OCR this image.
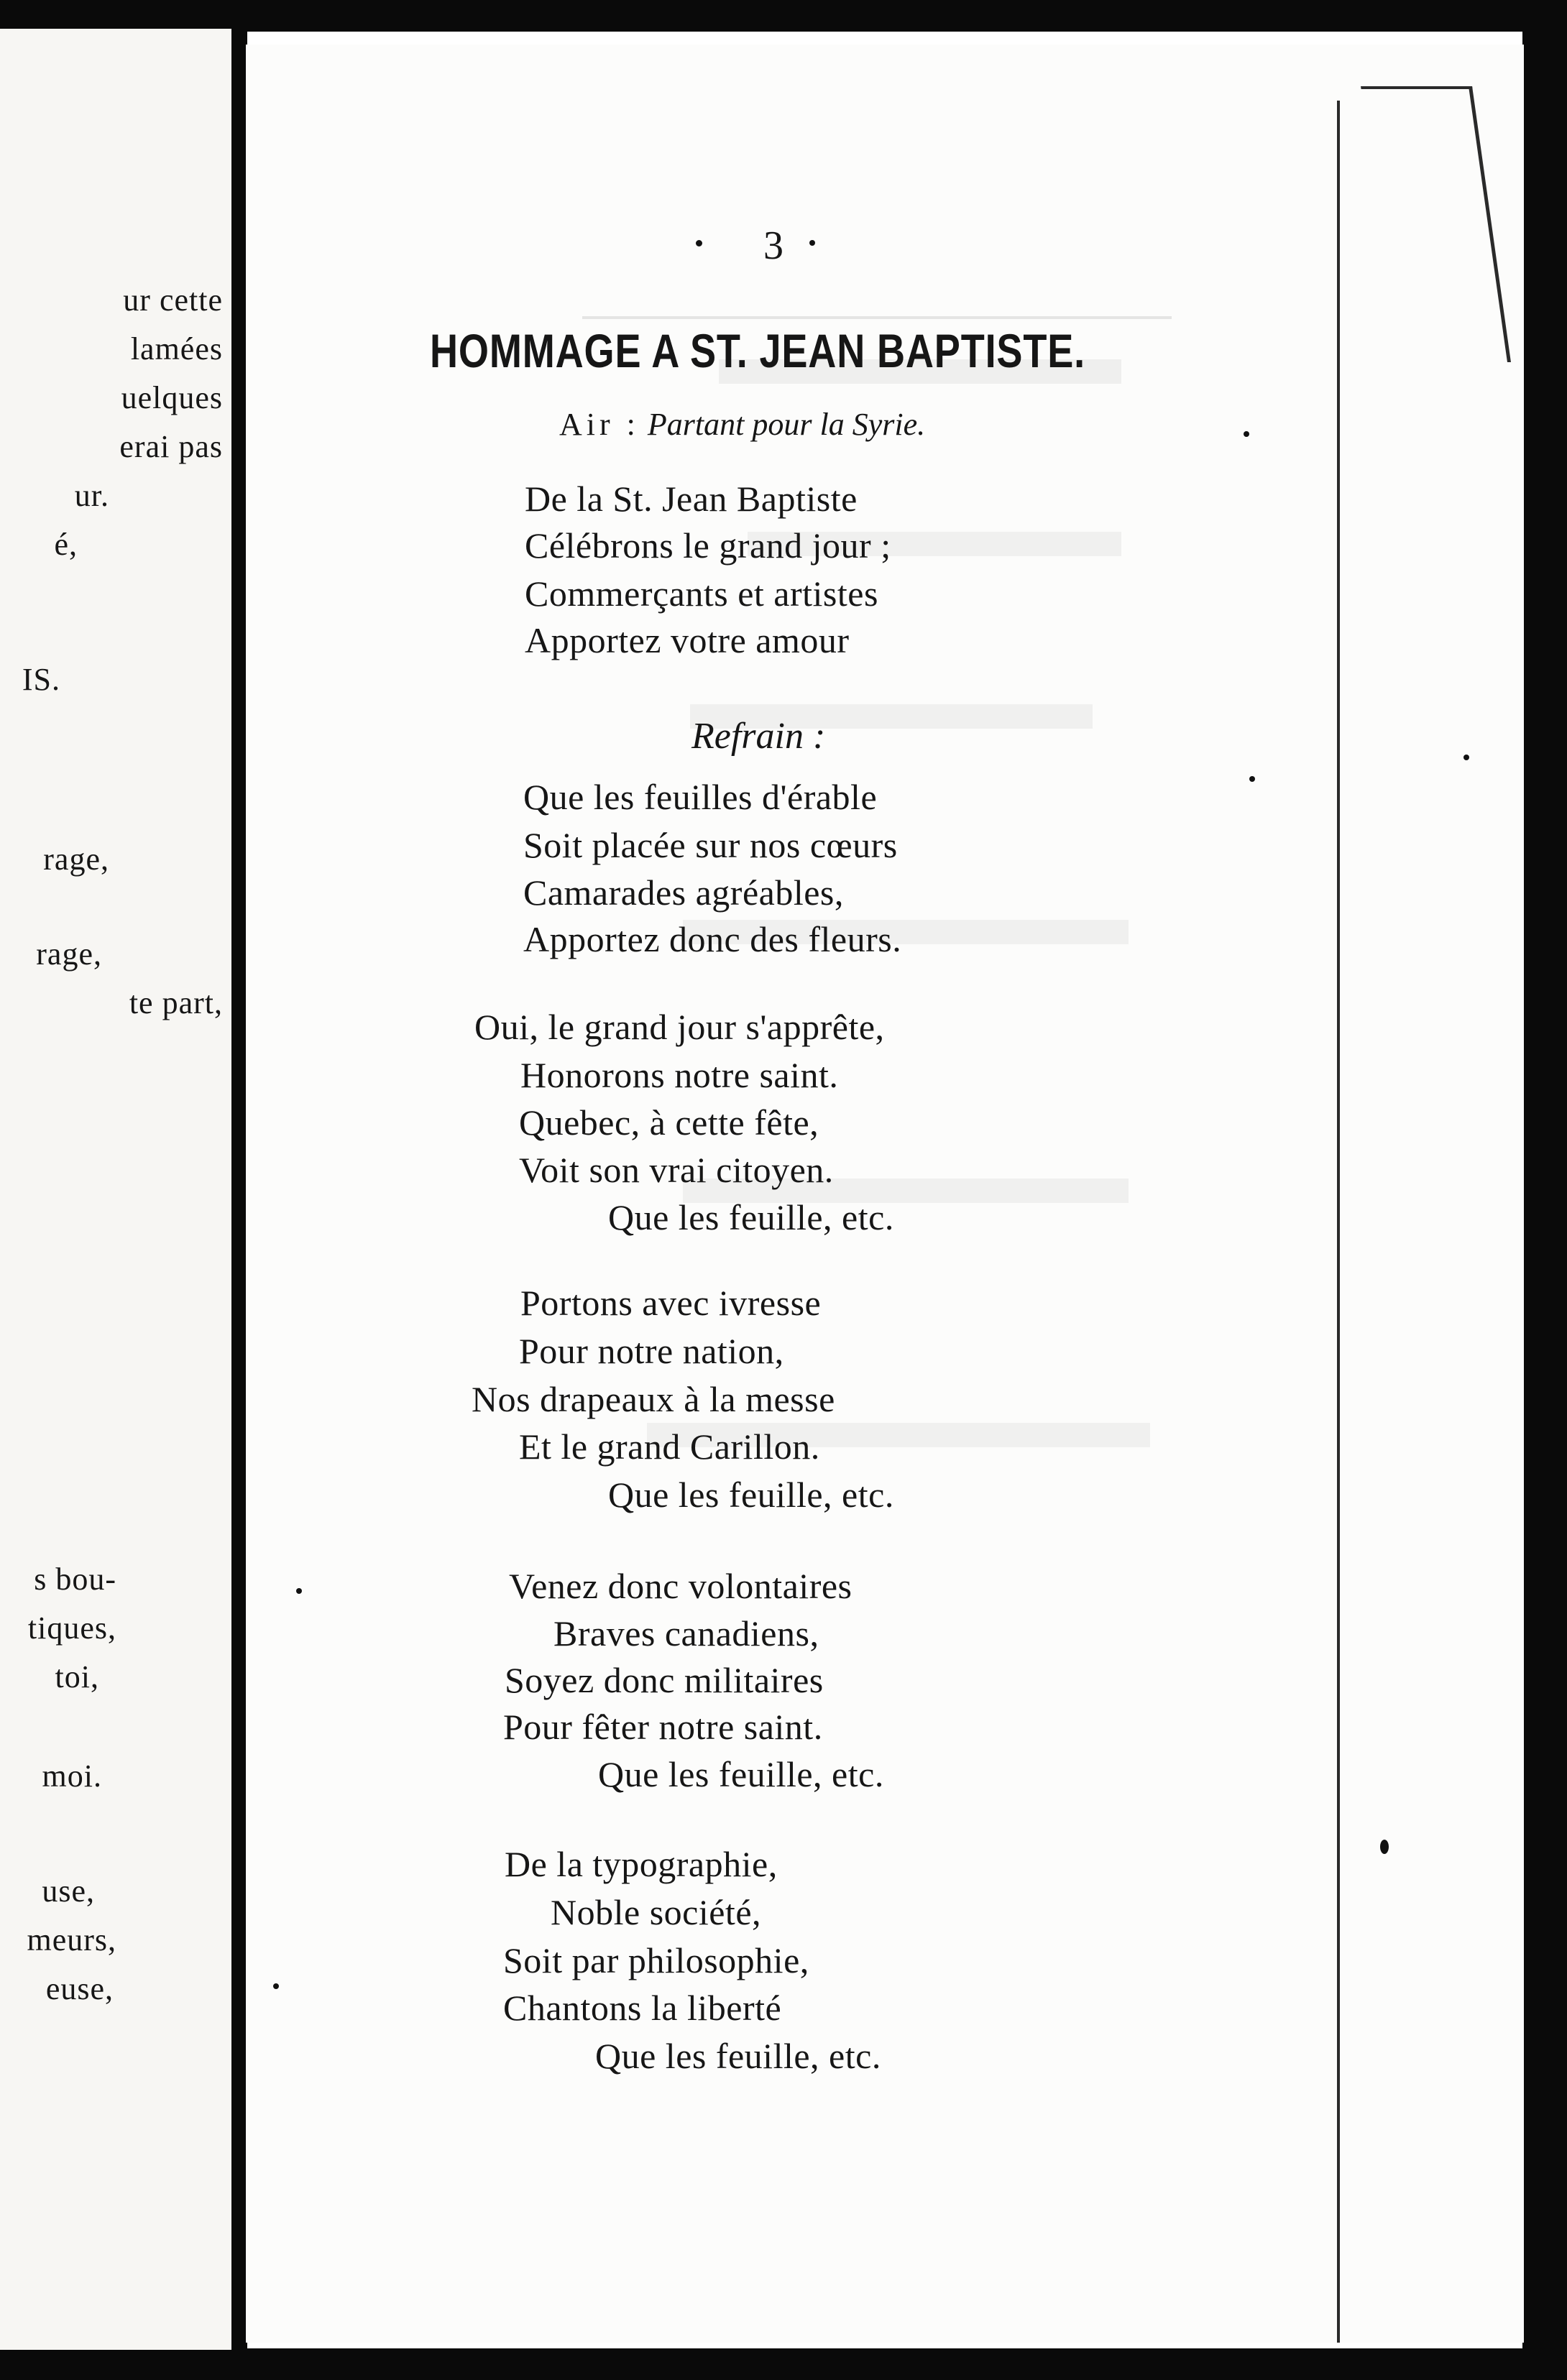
ur cette
lamées
uelques
erai pas
ur.
é,
IS.
rage,
rage,
te part,
s bou-
tiques,
toi,
moi.
use,
meurs,
euse,
3
HOMMAGE A ST. JEAN BAPTISTE.
Air : Partant pour la Syrie.
De la St. Jean Baptiste
Célébrons le grand jour ;
Commerçants et artistes
Apportez votre amour
Refrain :
Que les feuilles d'érable
Soit placée sur nos cœurs
Camarades agréables,
Apportez donc des fleurs.
Oui, le grand jour s'apprête,
Honorons notre saint.
Quebec, à cette fête,
Voit son vrai citoyen.
Que les feuille, etc.
Portons avec ivresse
Pour notre nation,
Nos drapeaux à la messe
Et le grand Carillon.
Que les feuille, etc.
Venez donc volontaires
Braves canadiens,
Soyez donc militaires
Pour fêter notre saint.
Que les feuille, etc.
De la typographie,
Noble société,
Soit par philosophie,
Chantons la liberté
Que les feuille, etc.
